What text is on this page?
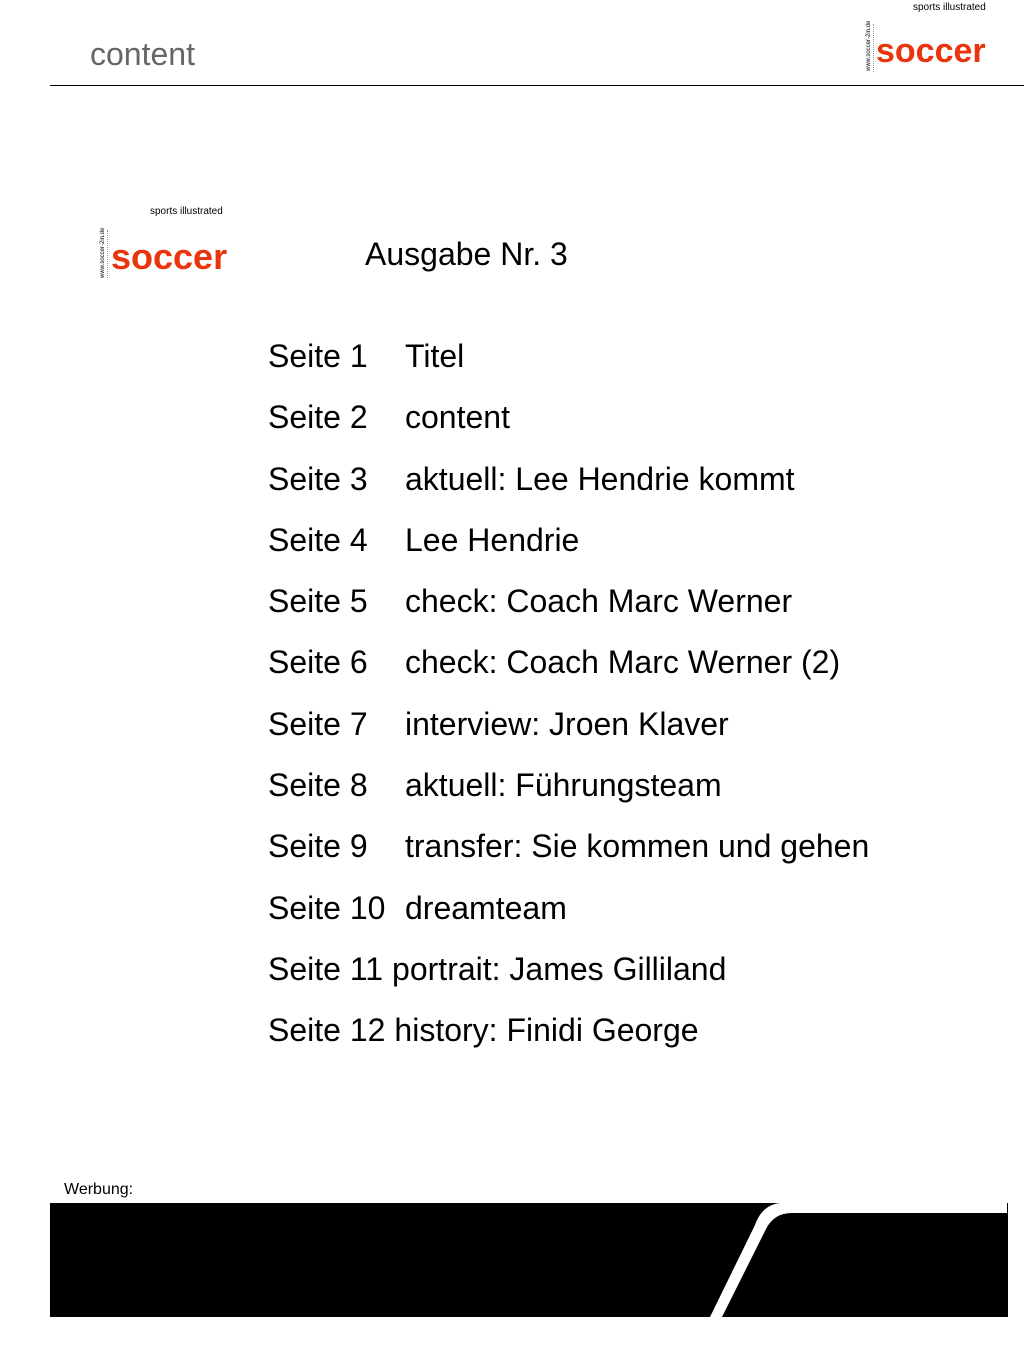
content
sports illustrated
www.soccer-2in.de soccer
sports illustrated
www.soccer-2in.de soccer	Ausgabe Nr. 3
Seite 1 Titel
Seite 2 content
Seite 3 aktuell: Lee Hendrie kommt
Seite 4 Lee Hendrie
Seite 5 check: Coach Marc Werner
Seite 6 check: Coach Marc Werner (2)
Seite 7 interview: Jroen Klaver
Seite 8 aktuell: Führungsteam
Seite 9 transfer: Sie kommen und gehen
Seite 10 dreamteam
Seite 11 portrait: James Gilliland
Seite 12 history: Finidi George
Werbung:
